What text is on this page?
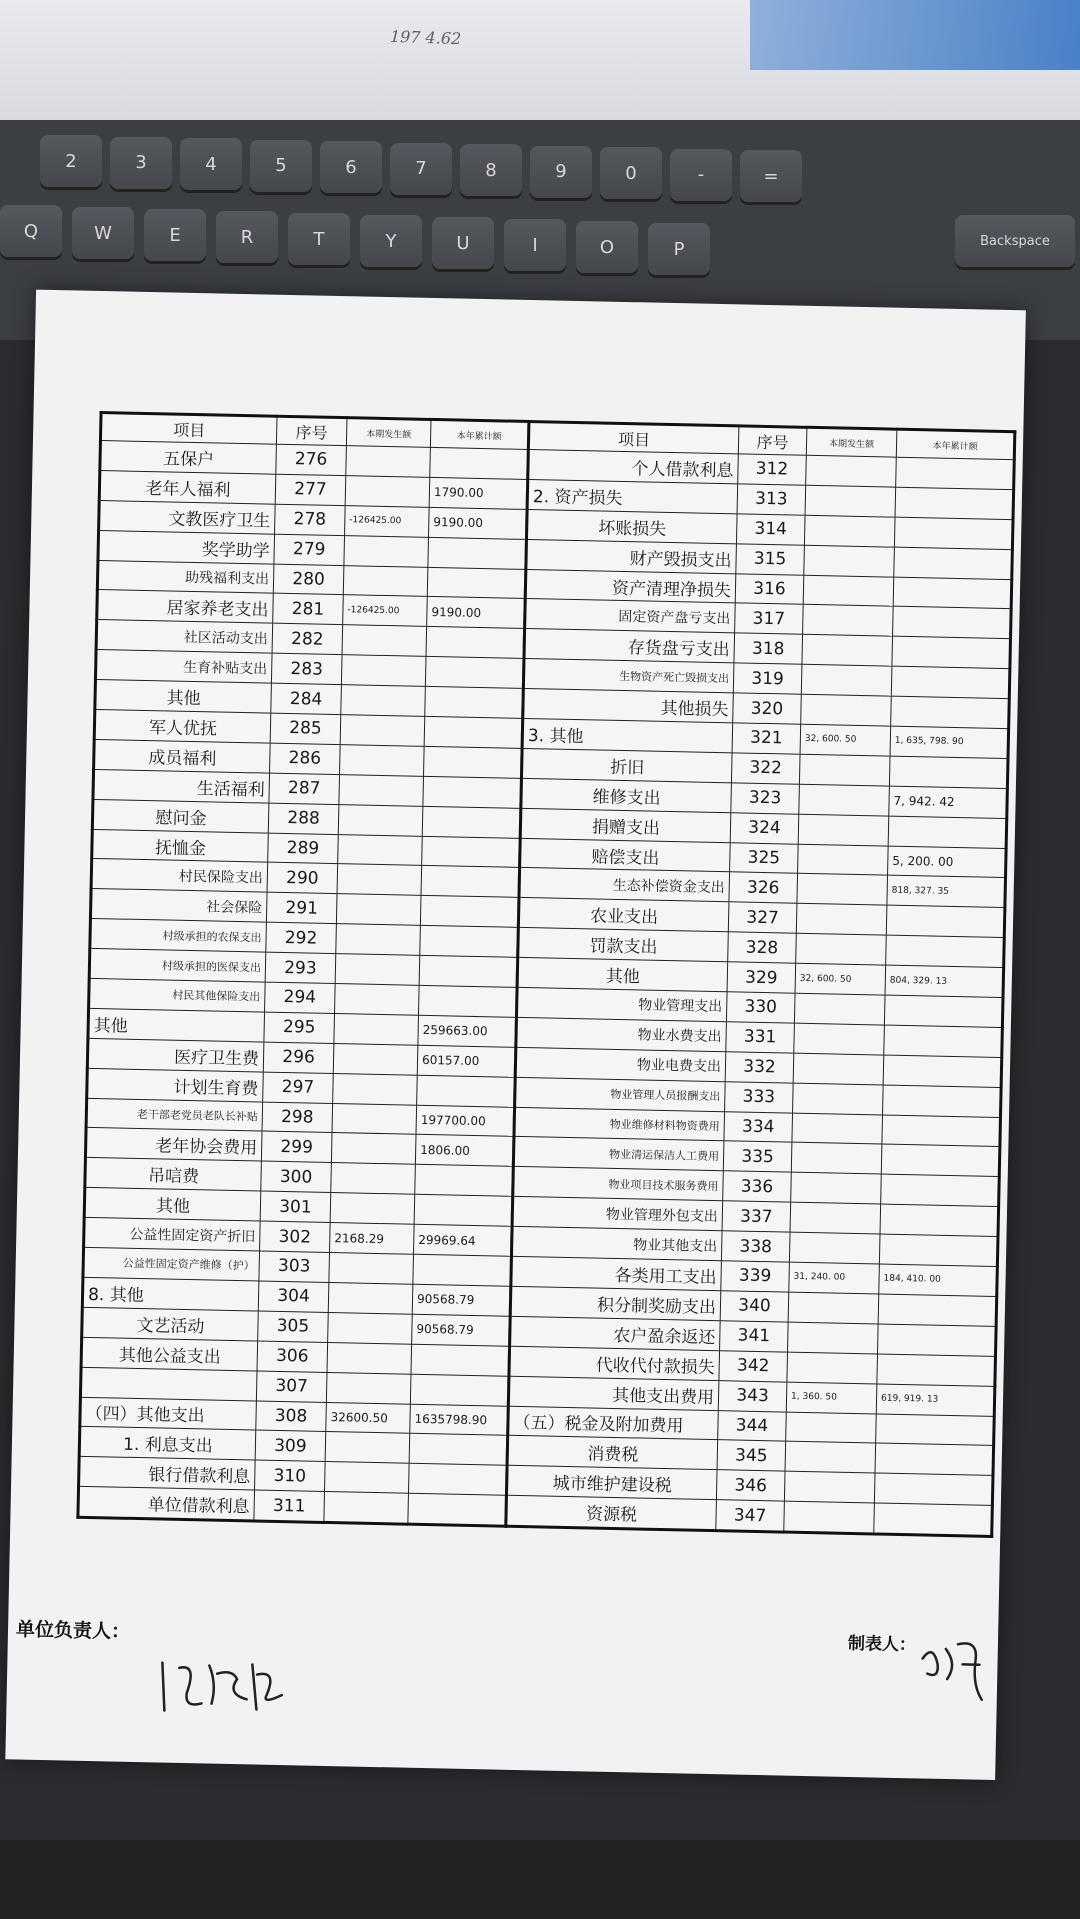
197 4.62
2	3	4	5	6	7	8	9	0	-	=
Q	W	E	R	T	Y	U	I	O	P	Backspace
项目	序号	本期发生额	本年累计额
五保户	276		
老年人福利	277		1790.00
文教医疗卫生	278	-126425.00	9190.00
奖学助学	279		
助残福利支出	280		
居家养老支出	281	-126425.00	9190.00
社区活动支出	282		
生育补贴支出	283		
其他	284		
军人优抚	285		
成员福利	286		
生活福利	287		
慰问金	288		
抚恤金	289		
村民保险支出	290		
社会保险	291		
村级承担的农保支出	292		
村级承担的医保支出	293		
村民其他保险支出	294		
其他	295		259663.00
医疗卫生费	296		60157.00
计划生育费	297		
老干部老党员老队长补贴	298		197700.00
老年协会费用	299		1806.00
吊唁费	300		
其他	301		
公益性固定资产折旧	302	2168.29	29969.64
公益性固定资产维修（护）	303		
8. 其他	304		90568.79
文艺活动	305		90568.79
其他公益支出	306		
	307		
（四）其他支出	308	32600.50	1635798.90
1. 利息支出	309		
银行借款利息	310		
单位借款利息	311		
项目	序号	本期发生额	本年累计额
个人借款利息	312		
2. 资产损失	313		
坏账损失	314		
财产毁损支出	315		
资产清理净损失	316		
固定资产盘亏支出	317		
存货盘亏支出	318		
生物资产死亡毁损支出	319		
其他损失	320		
3. 其他	321	32, 600. 50	1, 635, 798. 90
折旧	322		
维修支出	323		7, 942. 42
捐赠支出	324		
赔偿支出	325		5, 200. 00
生态补偿资金支出	326		818, 327. 35
农业支出	327		
罚款支出	328		
其他	329	32, 600. 50	804, 329. 13
物业管理支出	330		
物业水费支出	331		
物业电费支出	332		
物业管理人员报酬支出	333		
物业维修材料物资费用	334		
物业清运保洁人工费用	335		
物业项目技术服务费用	336		
物业管理外包支出	337		
物业其他支出	338		
各类用工支出	339	31, 240. 00	184, 410. 00
积分制奖励支出	340		
农户盈余返还	341		
代收代付款损失	342		
其他支出费用	343	1, 360. 50	619, 919. 13
（五）税金及附加费用	344		
消费税	345		
城市维护建设税	346		
资源税	347		
单位负责人：
制表人：
